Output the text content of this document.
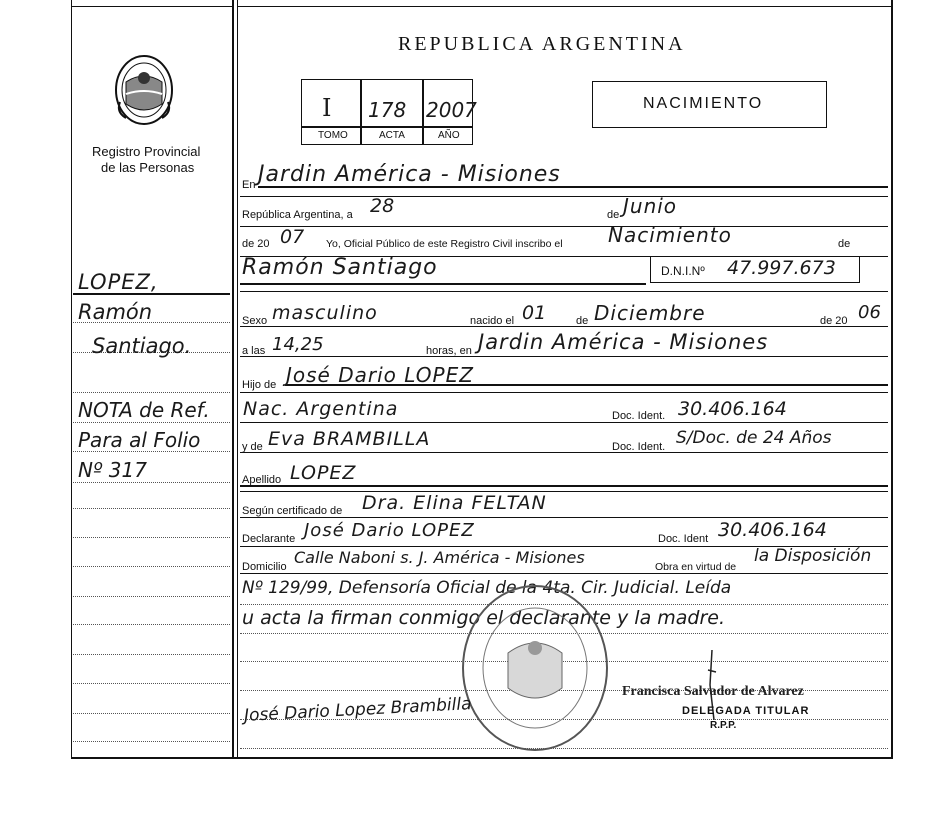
Registro Provincial
de las Personas
LOPEZ,
Ramón
Santiago.
NOTA de Ref.
Para al Folio
Nº 317
REPUBLICA ARGENTINA
I 178 2007
TOMO	ACTA	AÑO
NACIMIENTO
En Jardin América - Misiones
República Argentina, a 28	de Junio
de 20 07 Yo, Oficial Público de este Registro Civil inscribo el Nacimiento	de
Ramón Santiago	D.N.I.Nº 47.997.673
Sexo masculino	nacido el 01	de Diciembre	de 20 06
a las 14,25	horas, en Jardin América - Misiones
Hijo de José Dario LOPEZ
Nac. Argentina	Doc. Ident. 30.406.164
y de Eva BRAMBILLA	Doc. Ident. S/Doc. de 24 Años
Apellido LOPEZ
Según certificado de Dra. Elina FELTAN
Declarante José Dario LOPEZ	Doc. Ident 30.406.164
Domicilio Calle Naboni s. J. América - Misiones	Obra en virtud de
la Disposición
Nº 129/99, Defensoría Oficial de la 4ta. Cir. Judicial. Leída
u acta la firman conmigo el declarante y la madre.
José Dario Lopez Brambilla
Francisca Salvador de Alvarez
DELEGADA TITULAR
R.P.P.
